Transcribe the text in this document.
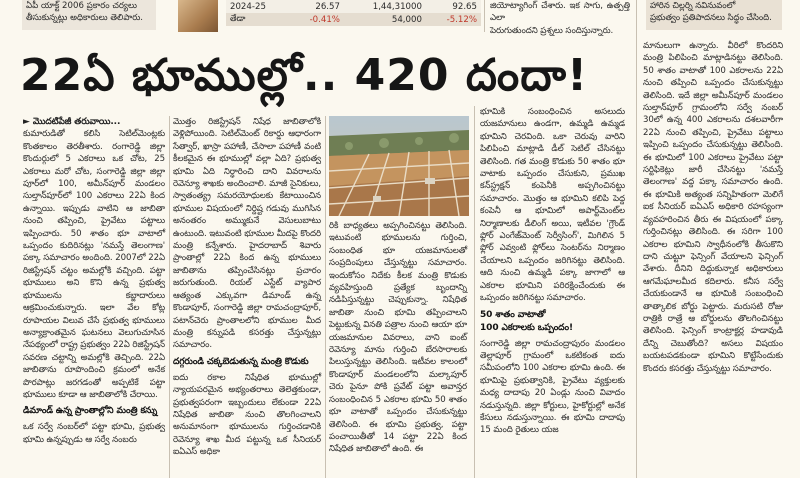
ఏపీ యాక్ట్ 2006 ప్రకారం చర్యలు
తీసుకున్నట్లు అధికారులు తెలిపారు.
2024-25	26.57	1,44,31000	92.65
తేడా	-0.41%	54,000	-5.12%
జియోట్యాగింగ్ చేశారు. ఇక సాగు, ఉత్పత్తి ఎలా
పెరుగుతుందని ప్రశ్నలు సందిస్తున్నారు.
హారిన చిల్లర్ని నవినువంలో
ప్రభుత్వం ప్రతిపాదనలు సిద్ధం చేసింది.
22ఏ భూముల్లో.. 420 దందా!
► మొదటిపేజీ తరువాయి...

కుమారుడితో కలిసి సెటిల్‌మెంట్లకు కొంతకాలం తెరతీశారు. రంగారెడ్డి జిల్లా కొందుర్గులో 5 ఎకరాలు ఒక చోట, 25 ఎకరాలు మరో చోట, సంగారెడ్డి జిల్లా జిల్లా పూర్‌లో 100, అమీన్‌పూర్ మండలం సుల్తాన్‌పూర్‌లో 100 ఎకరాలు 22ఏ కింద ఉన్నాయి. ఇప్పుడు వాటిని ఆ జాబితా నుంచి తప్పించి, ప్రైవేటు పట్టాలు ఇప్పించారు. 50 శాతం భూ వాటాలో ఒప్పందం కుదిరినట్లు 'నమస్తే తెలంగాణ' పక్కా సమాచారం అందింది. 2007లో 22ఏ రిజిస్ట్రేషన్ చట్టం అమల్లోకి వచ్చింది. పట్టా భూములు అని కొని ఉన్న ప్రభుత్వ భూములను కబ్జాదారులు ఆక్రమించుకున్నారు. ఇలా వేల కోట్ల రూపాయల విలువ చేసే ప్రభుత్వ భూములు అన్యాక్రాంతమైన ఘటనలు వెలుగుచూసిన నేపథ్యంలో రాష్ట్ర ప్రభుత్వం 22ఏ రిజిస్ట్రేషన్ సవరణ చట్టాన్ని అమల్లోకి తెచ్చింది. 22ఏ జాబితాను రూపొందించి క్రమంలో అనేక పొరపాట్లు జరగడంతో అప్పటికే పట్టా భూములు కూడా ఆ జాబితాలోకి చేరాయి.

డిమాండ్ ఉన్న ప్రాంతాల్లోని మంత్రి కన్ను

ఒక సర్వే నంబర్‌లో పట్టా భూమి, ప్రభుత్వ భూమి ఉన్నప్పుడు ఆ సర్వే నంబరు

మొత్తం రిజిస్ట్రేషన్ నిషేధ జాబితాలోకి వెళ్లిపోయింది. సెటిల్‌మెంట్ రికార్డు ఆధారంగా సేత్వార్, ఖాస్రా పహాణీ, చేసాలా పహాణీ వంటి కీలకమైన ఈ భూముల్లో వల్లా ఏది? ప్రభుత్వ భూమి ఏది నిర్ధారించి దాని వివరాలను రెవెన్యూ శాఖకు అందించాలి. మాజీ సైనికులు, స్వాతంత్య్ర సమరయోధులకు కేటాయించిన భూముల విషయంలో నిర్దిష్ట గడువు ముగిసిన అనంతరం అమ్ముకునే వెసులుబాటు ఉంటుంది. ఇటువంటి భూముల మీదపై కొందరి మంత్రి కన్నేశారు. హైదరాబాద్ శివారు ప్రాంతాల్లో 22ఏ కింద ఉన్న భూములు జాబితాను తప్పించేసినట్లు ప్రచారం జరుగుతుంది. రియల్ ఎస్టేట్ వ్యాపార ఆత్యంత ఎక్కువగా డిమాండ్ ఉన్న కొండాపూర్, సంగారెడ్డి జిల్లా రామచంద్రాపూర్, పటాన్‌చెరు ప్రాంతాలలోని భూముల మీద మంత్రి కన్నుపడి కసరత్తు చేస్తున్నట్లు సమాచారం.

దగ్గరుండి చక్కబెడుతున్న మంత్రి కొడుకు

ఐదు రకాల నిషేధిత భూముల్లో న్యాయపరమైన అభ్యంతరాలు తెలెత్తకుండా, ప్రభుత్వపరంగా ఇబ్బందులు లేకుండా 22ఏ నిషేధిత జాబితా నుంచి తొలగించాలని అనుమానంగా భూములను గుర్తించడానికి రెవెన్యూ శాఖ మీద పట్టున్న ఒక సీనియర్ ఐఏఎస్ అధికా

రికి బాధ్యతలు అప్పగించినట్టు తెలిసింది. ఇటువంటి భూములను గుర్తించి, సంబంధిత భూ యజమానులతో సంప్రదింపులు చేస్తున్నట్టు సమాచారం. ఇందుకోసం నిదేకు కీలక మంత్రి కొడుకు వ్యవహిస్తుంది ప్రత్యేక బృందాన్ని నడిపిస్తున్నట్టు చెప్పుకున్నా. నిషేధిత జాబితా నుంచి భూమి తప్పించాలని పెట్టుకున్న వినతి పత్రాల నుంచి ఆయా భూ యజమానుల వివరాలు, వాని ఐంట్ రెవెన్యూ మాను గుర్తించి బేరసారాలకు పిలుస్తున్నట్టు తెలిసింది. ఇటీవల కాలంలో కొండాపూర్ మండలంలోని మల్కాపూర్ చెరు పైనూ పోకి ప్రవేట్ పట్టా అవాన్తర సంబంధించిన 5 ఎకరాల భూమి 50 శాతం భూ వాటాతో ఒప్పందం చేసుకున్నట్టు తెలిసింది. ఈ భూమి ప్రభుత్వ, పట్టా పంచాయితీతో 14 పట్టా 22ఏ కింద నిషేధిత జాబితాలో ఉంది. ఈ

భూమికి సంబంధించిన అసలుదు యజమానులు ఉండగా, ఉమ్మడి ఉమ్మడ భూమిని చెరవింది. ఒకా చెరువు వారిని పిలిపించి మాట్లాడి డీల్ సెటిల్ చేసినట్టు తెలిసింది. గత మంత్రి కొడుకు 50 శాతం భూ వాటాకు ఒప్పందం చేసుకుని, ప్రముఖ కన్‌స్ట్రక్షన్ కంపెనీకి అప్పగించినట్టు సమాచారం. మొత్తం ఆ భూమిని కలిపి పెద్ద కంపెనీ ఆ భూమిలో అపార్ట్‌మెంట్‌ల నిర్మాణాలకు డీలింగ్ అయి, ఇటీవల 'గ్రౌండ్ ఫ్లోర్ ఎంగేజ్‌మెంట్ సెర్వీసింగ్', మిగిలిన 5 ఫ్లోర్‌ ఎవ్వంటి ఫ్లోర్‌లు సెంటర్‌ను నిర్మాణం చేయాలని ఒప్పందం జరిగినట్టు తెలిసింది. ఆది నుంచి ఉమ్మడి పక్కా జాగాలో ఆ ఎకరాల భూమిని పరిరక్షించేందుకు ఈ ఒప్పందం జరిగినట్టు సమాచారం.

50 శాతం వాటాతో
100 ఎకరాలకు ఒప్పందం!

సంగారెడ్డి జిల్లా రామచంద్రాపురం మండలం తెల్లాపూర్ గ్రామంలో ఒకటికంత ఐదు సమీపంలోని 100 ఎకరాల భూమి ఉంది. ఈ భూమిపై ప్రభుత్వానికి, ప్రైవేటు వ్యక్తులకు మధ్య దాదాపు 20 ఏండ్లు నుంచి వివాదం నడుస్తున్నది. జిల్లా కోర్టులు, హైకోర్టుల్లో అనేక కేసులు నడుస్తున్నాయి. ఈ భూమి దాదాపు 15 మంది రైతులు యజ

మానులుగా ఉన్నారు. వీరిలో కొందరిని మంత్రి పిలిపించి మాట్లాడినట్టు తెలిసింది. 50 శాతం వాటాతో 100 ఎకరాలను 22ఏ నుంచి తప్పించి ఒప్పందం చేసుకున్నట్టు తెలిసింది. ఇదే జిల్లా అమీన్‌పూర్ మండలం సుల్తాన్‌పూర్ గ్రామంలోని సర్వే నంబర్ 30లో ఉన్న 400 ఎకరాలను దశలవారీగా 22ఏ నుంచి తప్పించి, ప్రైవేటు పట్టాలు ఇప్పించి ఒప్పందం చేసుకున్నట్టు తెలిసింది. ఈ భూమిలో 100 ఎకరాలు ప్రైవేటు పట్టా సర్టిఫికెట్లు జారీ చేసినట్టు 'నమస్తే తెలంగాణ' వద్ద పక్కా సమాచారం ఉంది. ఈ భూమికి అత్యంత సన్నిహితంగా మెలిగే ఐక సీనియర్ ఐఏఎస్ అధికారి రహస్యంగా వ్యవహరించిన తీరు ఈ విషయంలో పక్కా గుర్తించినట్లు తెలిసింది. ఈ సరిగా 100 ఎకరాల భూమిని స్వాధీనంలోకి తీసుకొని దాని చుట్టూ ఫెన్సింగ్ వేయాలని ఫెన్సింగ్ వేశారు. దీనిని దిద్దుకున్నాక అధికారులు ఆగమేఘాలమీద కదిలారు. కనీస సర్వే చేయకుండానే ఆ భూమికి సంబంధించి తాత్కాలిక బోర్డు పెట్టారు. మరుసటి రోజు రాత్రికి రాత్రే ఆ బోర్డులను తొలగించినట్టు తెలిసింది. ఫెన్సింగ్ కాంట్రాక్టర్ల హడావుడి దేన్ని చెబుతోంది? అసలు విషయం బయటపడకుండా భూమిని కొట్టేసేందుకు కొందరు కసరత్తు చేస్తున్నట్టు సమాచారం.
